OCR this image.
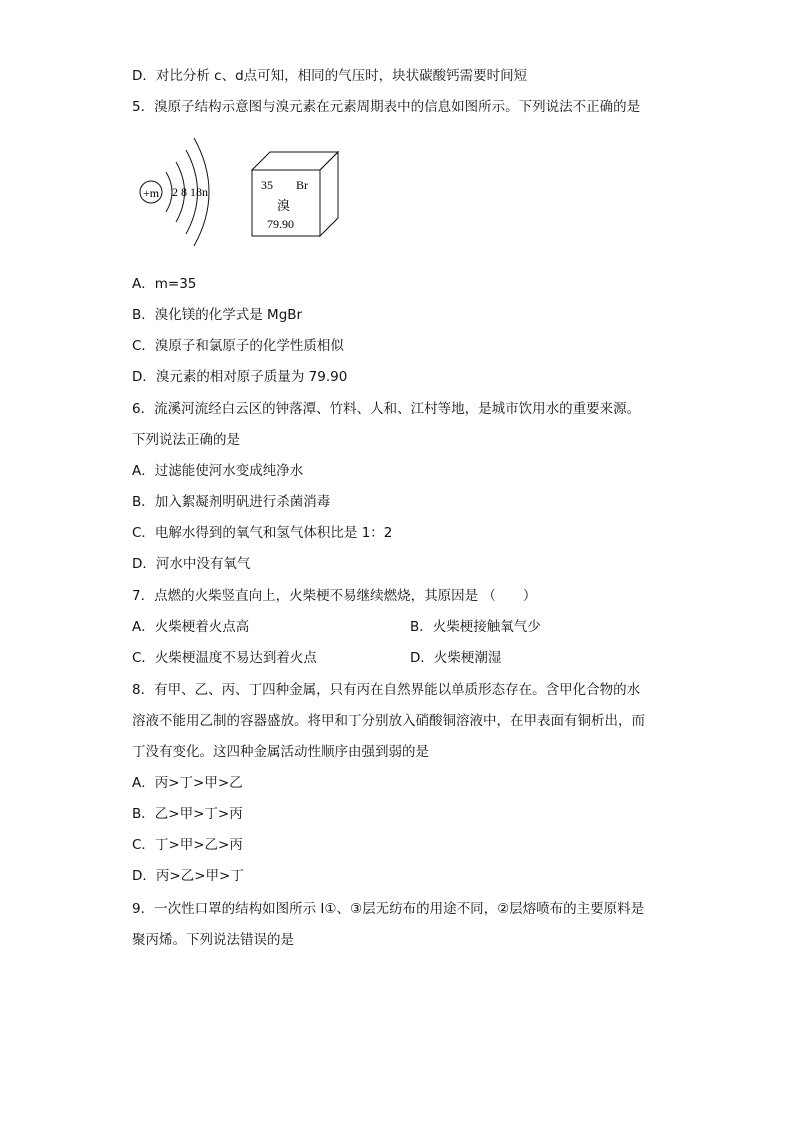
D．对比分析 c、d点可知，相同的气压时，块状碳酸钙需要时间短
5．溴原子结构示意图与溴元素在元素周期表中的信息如图所示。下列说法不正确的是
+m 2 8 18n	35 Br
溴
79.90
A．m=35
B．溴化镁的化学式是 MgBr
C．溴原子和氯原子的化学性质相似
D．溴元素的相对原子质量为 79.90
6．流溪河流经白云区的钟落潭、竹料、人和、江村等地，是城市饮用水的重要来源。
下列说法正确的是
A．过滤能使河水变成纯净水
B．加入絮凝剂明矾进行杀菌消毒
C．电解水得到的氧气和氢气体积比是 1：2
D．河水中没有氧气
7．点燃的火柴竖直向上，火柴梗不易继续燃烧，其原因是 （　　）
A．火柴梗着火点高	B．火柴梗接触氧气少
C．火柴梗温度不易达到着火点	D．火柴梗潮湿
8．有甲、乙、丙、丁四种金属，只有丙在自然界能以单质形态存在。含甲化合物的水
溶液不能用乙制的容器盛放。将甲和丁分别放入硝酸铜溶液中，在甲表面有铜析出，而
丁没有变化。这四种金属活动性顺序由强到弱的是
A．丙>丁>甲>乙
B．乙>甲>丁>丙
C．丁>甲>乙>丙
D．丙>乙>甲>丁
9．一次性口罩的结构如图所示 I①、③层无纺布的用途不同，②层熔喷布的主要原料是
聚丙烯。下列说法错误的是
